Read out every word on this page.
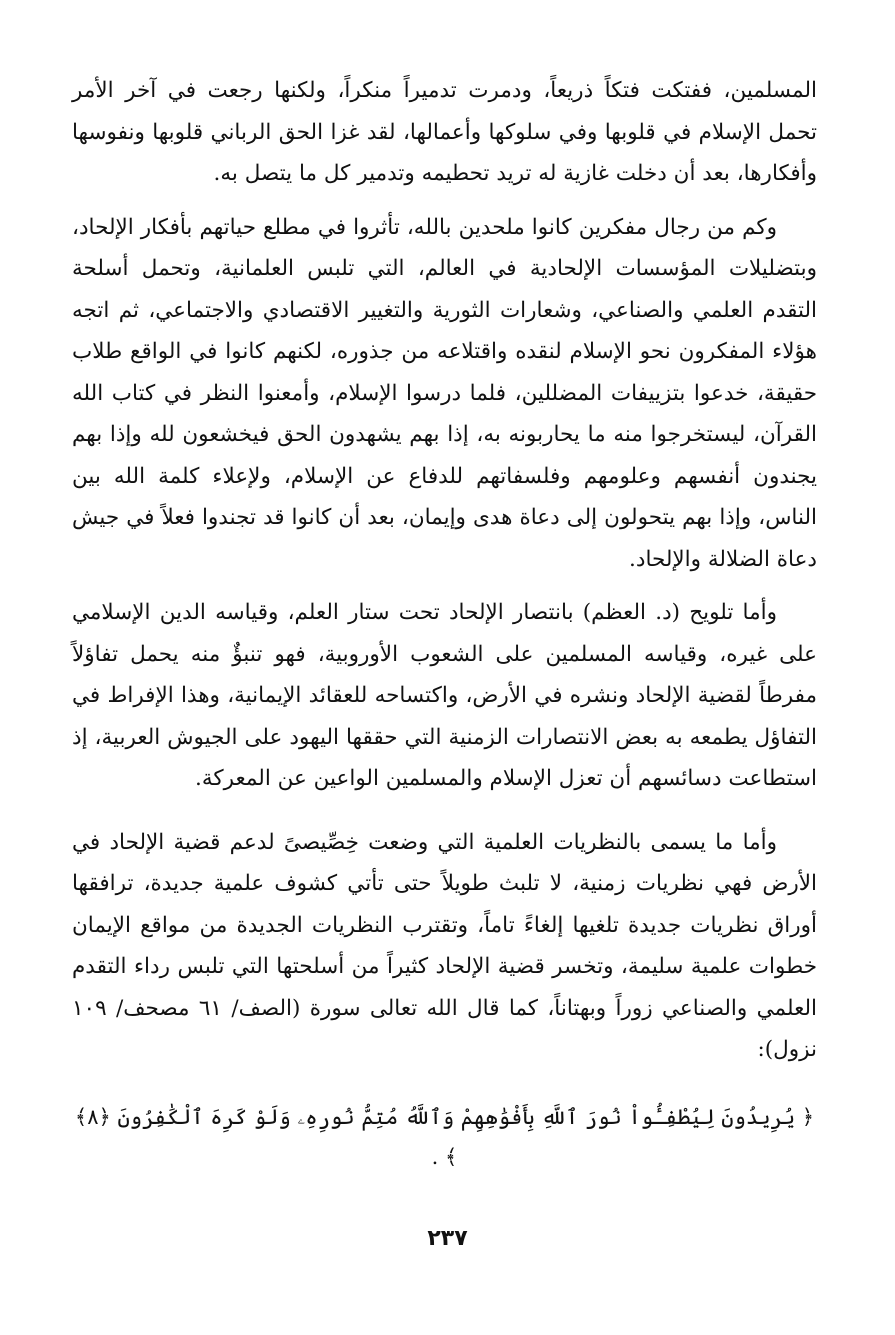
المسلمين، ففتكت فتكاً ذريعاً، ودمرت تدميراً منكراً، ولكنها رجعت في آخر الأمر تحمل الإسلام في قلوبها وفي سلوكها وأعمالها، لقد غزا الحق الرباني قلوبها ونفوسها وأفكارها، بعد أن دخلت غازية له تريد تحطيمه وتدمير كل ما يتصل به.

وكم من رجال مفكرين كانوا ملحدين بالله، تأثروا في مطلع حياتهم بأفكار الإلحاد، وبتضليلات المؤسسات الإلحادية في العالم، التي تلبس العلمانية، وتحمل أسلحة التقدم العلمي والصناعي، وشعارات الثورية والتغيير الاقتصادي والاجتماعي، ثم اتجه هؤلاء المفكرون نحو الإسلام لنقده واقتلاعه من جذوره، لكنهم كانوا في الواقع طلاب حقيقة، خدعوا بتزييفات المضللين، فلما درسوا الإسلام، وأمعنوا النظر في كتاب الله القرآن، ليستخرجوا منه ما يحاربونه به، إذا بهم يشهدون الحق فيخشعون لله وإذا بهم يجندون أنفسهم وعلومهم وفلسفاتهم للدفاع عن الإسلام، ولإعلاء كلمة الله بين الناس، وإذا بهم يتحولون إلى دعاة هدى وإيمان، بعد أن كانوا قد تجندوا فعلاً في جيش دعاة الضلالة والإلحاد.

وأما تلويح (د. العظم) بانتصار الإلحاد تحت ستار العلم، وقياسه الدين الإسلامي على غيره، وقياسه المسلمين على الشعوب الأوروبية، فهو تنبؤٌ منه يحمل تفاؤلاً مفرطاً لقضية الإلحاد ونشره في الأرض، واكتساحه للعقائد الإيمانية، وهذا الإفراط في التفاؤل يطمعه به بعض الانتصارات الزمنية التي حققها اليهود على الجيوش العربية، إذ استطاعت دسائسهم أن تعزل الإسلام والمسلمين الواعين عن المعركة.

وأما ما يسمى بالنظريات العلمية التي وضعت خِصِّيصىً لدعم قضية الإلحاد في الأرض فهي نظريات زمنية، لا تلبث طويلاً حتى تأتي كشوف علمية جديدة، ترافقها أوراق نظريات جديدة تلغيها إلغاءً تاماً، وتقترب النظريات الجديدة من مواقع الإيمان خطوات علمية سليمة، وتخسر قضية الإلحاد كثيراً من أسلحتها التي تلبس رداء التقدم العلمي والصناعي زوراً وبهتاناً، كما قال الله تعالى سورة (الصف/ ٦١ مصحف/ ١٠٩ نزول):

﴿ يُرِيدُونَ لِيُطْفِـُٔواْ نُورَ ٱللَّهِ بِأَفْوَٰهِهِمْ وَٱللَّهُ مُتِمُّ نُورِهِۦ وَلَوْ كَرِهَ ٱلْكَٰفِرُونَ ﴿٨﴾ ﴾ .

٢٣٧
